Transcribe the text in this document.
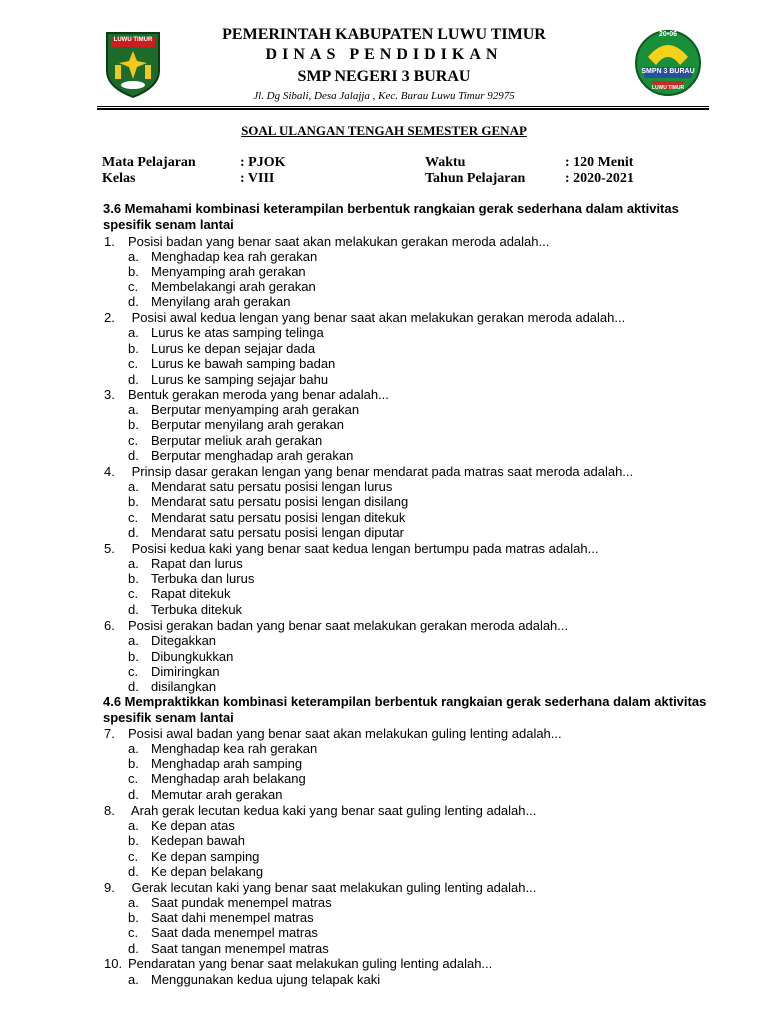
LUWU TIMUR
20•06
SMPN 3 BURAU
LUWU TIMUR
PEMERINTAH KABUPATEN LUWU TIMUR
DINAS PENDIDIKAN
SMP NEGERI 3 BURAU
Jl. Dg Sibali, Desa Jalajja , Kec. Burau Luwu Timur 92975
SOAL ULANGAN TENGAH SEMESTER GENAP
Mata Pelajaran	: PJOK	Waktu	: 120 Menit
Kelas	: VIII	Tahun Pelajaran	: 2020-2021
3.6 Memahami kombinasi keterampilan berbentuk rangkaian gerak sederhana dalam aktivitas spesifik senam lantai
1. Posisi badan yang benar saat akan melakukan gerakan meroda adalah...
a. Menghadap kea rah gerakan
b. Menyamping arah gerakan
c. Membelakangi arah gerakan
d. Menyilang arah gerakan
2. Posisi awal kedua lengan yang benar saat akan melakukan gerakan meroda adalah...
a. Lurus ke atas samping telinga
b. Lurus ke depan sejajar dada
c. Lurus ke bawah samping badan
d. Lurus ke samping sejajar bahu
3. Bentuk gerakan meroda yang benar adalah...
a. Berputar menyamping arah gerakan
b. Berputar menyilang arah gerakan
c. Berputar meliuk arah gerakan
d. Berputar menghadap arah gerakan
4. Prinsip dasar gerakan lengan yang benar mendarat pada matras saat meroda adalah...
a. Mendarat satu persatu posisi lengan lurus
b. Mendarat satu persatu posisi lengan disilang
c. Mendarat satu persatu posisi lengan ditekuk
d. Mendarat satu persatu posisi lengan diputar
5. Posisi kedua kaki yang benar saat kedua lengan bertumpu pada matras adalah...
a. Rapat dan lurus
b. Terbuka dan lurus
c. Rapat ditekuk
d. Terbuka ditekuk
6. Posisi gerakan badan yang benar saat melakukan gerakan meroda adalah...
a. Ditegakkan
b. Dibungkukkan
c. Dimiringkan
d. disilangkan
4.6 Mempraktikkan kombinasi keterampilan berbentuk rangkaian gerak sederhana dalam aktivitas spesifik senam lantai
7. Posisi awal badan yang benar saat akan melakukan guling lenting adalah...
a. Menghadap kea rah gerakan
b. Menghadap arah samping
c. Menghadap arah belakang
d. Memutar arah gerakan
8. Arah gerak lecutan kedua kaki yang benar saat guling lenting adalah...
a. Ke depan atas
b. Kedepan bawah
c. Ke depan samping
d. Ke depan belakang
9. Gerak lecutan kaki yang benar saat melakukan guling lenting adalah...
a. Saat pundak menempel matras
b. Saat dahi menempel matras
c. Saat dada menempel matras
d. Saat tangan menempel matras
10. Pendaratan yang benar saat melakukan guling lenting adalah...
a. Menggunakan kedua ujung telapak kaki
